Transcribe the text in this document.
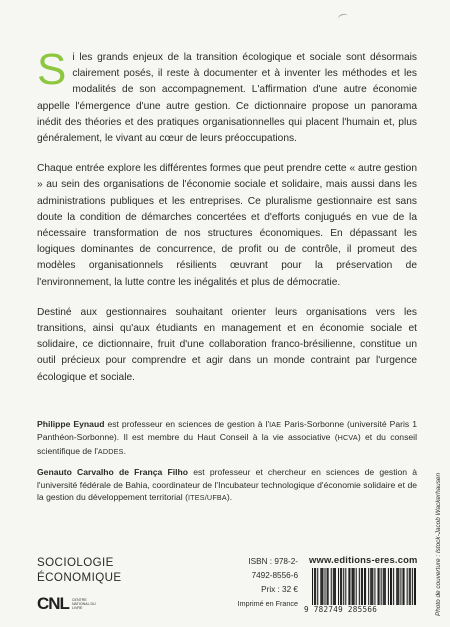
Si les grands enjeux de la transition écologique et sociale sont désormais clairement posés, il reste à documenter et à inventer les méthodes et les modalités de son accompagnement. L'affirmation d'une autre économie appelle l'émergence d'une autre gestion. Ce dictionnaire propose un panorama inédit des théories et des pratiques organisationnelles qui placent l'humain et, plus généralement, le vivant au cœur de leurs préoccupations.

Chaque entrée explore les différentes formes que peut prendre cette « autre gestion » au sein des organisations de l'économie sociale et solidaire, mais aussi dans les administrations publiques et les entreprises. Ce pluralisme gestionnaire est sans doute la condition de démarches concertées et d'efforts conjugués en vue de la nécessaire transformation de nos structures économiques. En dépassant les logiques dominantes de concurrence, de profit ou de contrôle, il promeut des modèles organisationnels résilients œuvrant pour la préservation de l'environnement, la lutte contre les inégalités et plus de démocratie.

Destiné aux gestionnaires souhaitant orienter leurs organisations vers les transitions, ainsi qu'aux étudiants en management et en économie sociale et solidaire, ce dictionnaire, fruit d'une collaboration franco-brésilienne, constitue un outil précieux pour comprendre et agir dans un monde contraint par l'urgence écologique et sociale.

Philippe Eynaud est professeur en sciences de gestion à l'IAE Paris-Sorbonne (université Paris 1 Panthéon-Sorbonne). Il est membre du Haut Conseil à la vie associative (HCVA) et du conseil scientifique de l'ADDES.

Genauto Carvalho de França Filho est professeur et chercheur en sciences de gestion à l'université fédérale de Bahia, coordinateur de l'Incubateur technologique d'économie solidaire et de la gestion du développement territorial (ITES/UFBA).	Photo de couverture : Istock-Jacob Wackerhausen
SOCIOLOGIE
ÉCONOMIQUE
CNL CENTRE NATIONAL DU LIVRE
ISBN : 978-2-7492-8556-6
Prix : 32 €
Imprimé en France
www.editions-eres.com
9 782749 285566
